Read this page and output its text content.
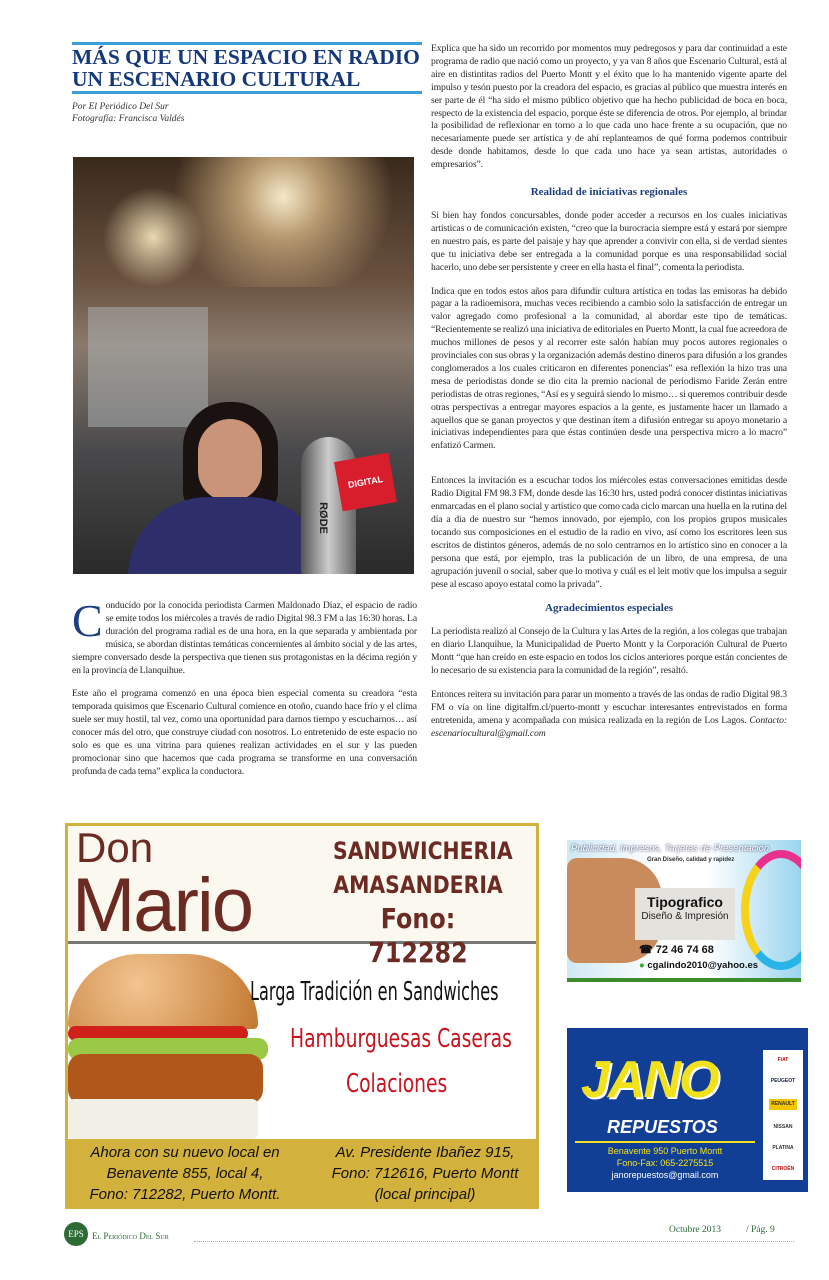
MÁS QUE UN ESPACIO EN RADIO
UN ESCENARIO CULTURAL
Por El Periódico Del Sur
Fotografía: Francisca Valdés
RØDE
DIGITAL

Conducido por la conocida periodista Carmen Maldonado Díaz, el espacio de radio se emite todos los miércoles a través de radio Digital 98.3 FM a las 16:30 horas. La duración del programa radial es de una hora, en la que separada y ambientada por música, se abordan distintas temáticas concernientes al ámbito social y de las artes, siempre conversado desde la perspectiva que tienen sus protagonistas en la décima región y en la provincia de Llanquihue.

Este año el programa comenzó en una época bien especial comenta su creadora “esta temporada quisimos que Escenario Cultural comience en otoño, cuando hace frío y el clima suele ser muy hostil, tal vez, como una oportunidad para darnos tiempo y escucharnos… así conocer más del otro, que construye ciudad con nosotros. Lo entretenido de este espacio no solo es que es una vitrina para quienes realizan actividades en el sur y las pueden promocionar sino que hacemos que cada programa se transforme en una conversación profunda de cada tema” explica la conductora.

Explica que ha sido un recorrido por momentos muy pedregosos y para dar continuidad a este programa de radio que nació como un proyecto, y ya van 8 años que Escenario Cultural, está al aire en distintitas radios del Puerto Montt y el éxito que lo ha mantenido vigente aparte del impulso y tesón puesto por la creadora del espacio, es gracias al público que muestra interés en ser parte de él “ha sido el mismo público objetivo que ha hecho publicidad de boca en boca, respecto de la existencia del espacio, porque éste se diferencia de otros. Por ejemplo, al brindar la posibilidad de reflexionar en torno a lo que cada uno hace frente a su ocupación, que no necesariamente puede ser artística y de ahí replanteamos de qué forma podemos contribuir desde donde habitamos, desde lo que cada uno hace ya sean artistas, autoridades o empresarios”.

Realidad de iniciativas regionales

Si bien hay fondos concursables, donde poder acceder a recursos en los cuales iniciativas artísticas o de comunicación existen, “creo que la burocracia siempre está y estará por siempre en nuestro país, es parte del paisaje y hay que aprender a convivir con ella, si de verdad sientes que tu iniciativa debe ser entregada a la comunidad porque es una responsabilidad social hacerlo, uno debe ser persistente y creer en ella hasta el final”, comenta la periodista.

Indica que en todos estos años para difundir cultura artística en todas las emisoras ha debido pagar a la radioemisora, muchas veces recibiendo a cambio solo la satisfacción de entregar un valor agregado como profesional a la comunidad, al abordar este tipo de temáticas. “Recientemente se realizó una iniciativa de editoriales en Puerto Montt, la cual fue acreedora de muchos millones de pesos y al recorrer este salón habían muy pocos autores regionales o provinciales con sus obras y la organización además destino dineros para difusión a los grandes conglomerados a los cuales criticaron en diferentes ponencias” esa reflexión la hizo tras una mesa de periodistas donde se dio cita la premio nacional de periodismo Faride Zerán entre periodistas de otras regiones, “Así es y seguirá siendo lo mismo… si queremos contribuir desde otras perspectivas a entregar mayores espacios a la gente, es justamente hacer un llamado a aquellos que se ganan proyectos y que destinan ítem a difusión entregar su apoyo monetario a iniciativas independientes para que éstas continúen desde una perspectiva micro a lo macro” enfatizó Carmen.

Entonces la invitación es a escuchar todos los miércoles estas conversaciones emitidas desde Radio Digital FM 98.3 FM, donde desde las 16:30 hrs, usted podrá conocer distintas iniciativas enmarcadas en el plano social y artístico que como cada ciclo marcan una huella en la rutina del día a día de nuestro sur “hemos innovado, por ejemplo, con los propios grupos musicales tocando sus composiciones en el estudio de la radio en vivo, así como los escritores leen sus escritos de distintos géneros, además de no solo centrarnos en lo artístico sino en conocer a la persona que está, por ejemplo, tras la publicación de un libro, de una empresa, de una agrupación juvenil o social, saber que lo motiva y cuál es el leit motiv que los impulsa a seguir pese al escaso apoyo estatal como la privada”.

Agradecimientos especiales

La periodista realizó al Consejo de la Cultura y las Artes de la región, a los colegas que trabajan en diario Llanquihue, la Municipalidad de Puerto Montt y la Corporación Cultural de Puerto Montt “que han creído en este espacio en todos los ciclos anteriores porque están concientes de lo necesario de su existencia para la comunidad de la región”, resaltó.

Entonces reitera su invitación para parar un momento a través de las ondas de radio Digital 98.3 FM o vía on line digitalfm.cl/puerto-montt y escuchar interesantes entrevistados en forma entretenida, amena y acompañada con música realizada en la región de Los Lagos. Contacto: escenariocultural@gmail.com

Don
Mario
SANDWICHERIA
AMASANDERIA
Fono: 712282
Larga Tradición en Sandwiches
Hamburguesas Caseras
Colaciones
Ahora con su nuevo local en
Benavente 855, local 4,
Fono: 712282, Puerto Montt.
Av. Presidente Ibañez 915,
Fono: 712616, Puerto Montt
(local principal)
Publicidad, Impresos, Tarjetas de Presentación
Gran Diseño, calidad y rapidez
Tipografico
Diseño & Impresión
☎ 72 46 74 68
● cgalindo2010@yahoo.es
JANO
REPUESTOS
Benavente 950 Puerto Montt
Fono-Fax: 065-2275515
janorepuestos@gmail.com
FIAT
PEUGEOT
RENAULT
NISSAN
PLATINA
CITROËN
EPS El Periódico Del Sur
Octubre 2013	/ Pág. 9
